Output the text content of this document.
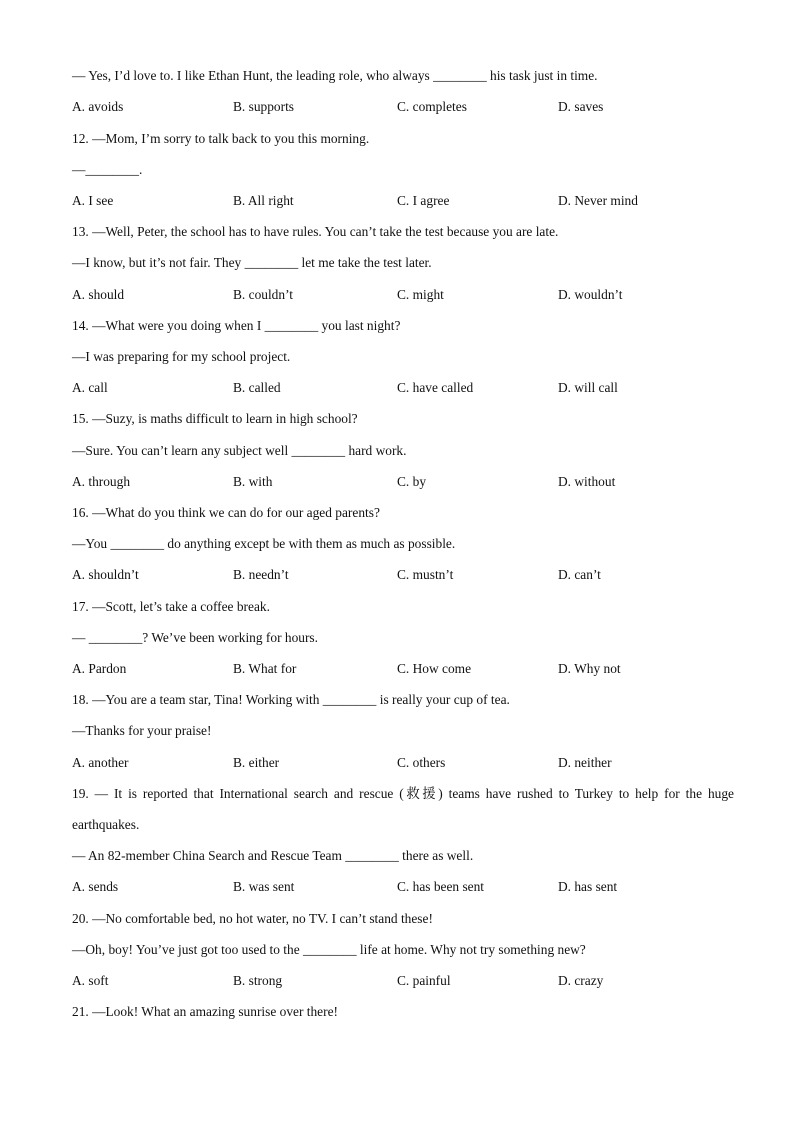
— Yes, I’d love to. I like Ethan Hunt, the leading role, who always ________ his task just in time.
A. avoids	B. supports	C. completes	D. saves
12. —Mom, I’m sorry to talk back to you this morning.
—________.
A. I see	B. All right	C. I agree	D. Never mind
13. —Well, Peter, the school has to have rules. You can’t take the test because you are late.
—I know, but it’s not fair. They ________ let me take the test later.
A. should	B. couldn’t	C. might	D. wouldn’t
14. —What were you doing when I ________ you last night?
—I was preparing for my school project.
A. call	B. called	C. have called	D. will call
15. —Suzy, is maths difficult to learn in high school?
—Sure. You can’t learn any subject well ________ hard work.
A. through	B. with	C. by	D. without
16. —What do you think we can do for our aged parents?
—You ________ do anything except be with them as much as possible.
A. shouldn’t	B. needn’t	C. mustn’t	D. can’t
17. —Scott, let’s take a coffee break.
— ________? We’ve been working for hours.
A. Pardon	B. What for	C. How come	D. Why not
18. —You are a team star, Tina! Working with ________ is really your cup of tea.
—Thanks for your praise!
A. another	B. either	C. others	D. neither
19. — It is reported that International search and rescue (救援) teams have rushed to Turkey to help for the huge
earthquakes.
— An 82-member China Search and Rescue Team ________ there as well.
A. sends	B. was sent	C. has been sent	D. has sent
20. —No comfortable bed, no hot water, no TV. I can’t stand these!
—Oh, boy! You’ve just got too used to the ________ life at home. Why not try something new?
A. soft	B. strong	C. painful	D. crazy
21. —Look! What an amazing sunrise over there!
